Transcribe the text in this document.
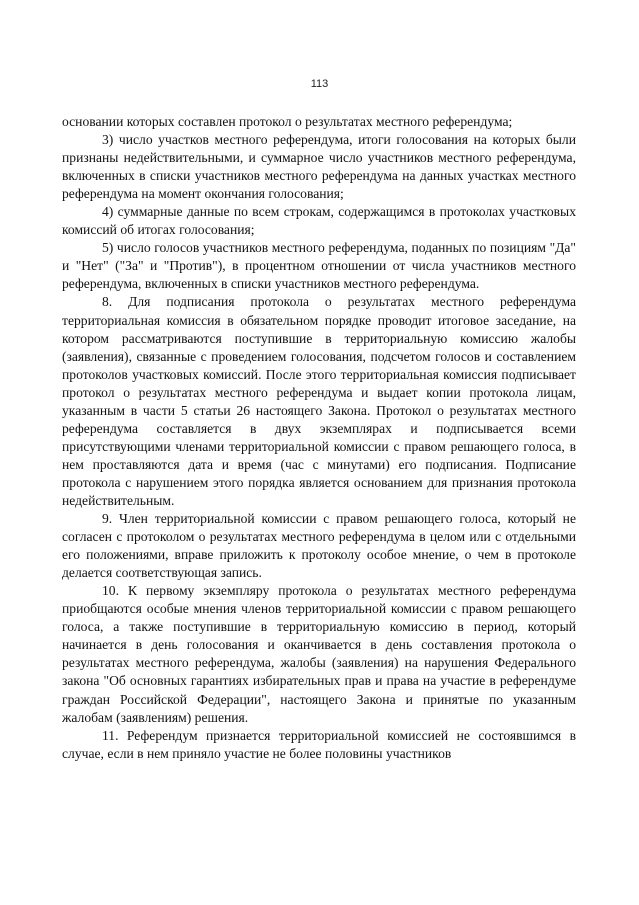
113

основании которых составлен протокол о результатах местного референдума;

3) число участков местного референдума, итоги голосования на которых были признаны недействительными, и суммарное число участников местного референдума, включенных в списки участников местного референдума на данных участках местного референдума на момент окончания голосования;

4) суммарные данные по всем строкам, содержащимся в протоколах участковых комиссий об итогах голосования;

5) число голосов участников местного референдума, поданных по позициям "Да" и "Нет" ("За" и "Против"), в процентном отношении от числа участников местного референдума, включенных в списки участников местного референдума.

8. Для подписания протокола о результатах местного референдума территориальная комиссия в обязательном порядке проводит итоговое заседание, на котором рассматриваются поступившие в территориальную комиссию жалобы (заявления), связанные с проведением голосования, подсчетом голосов и составлением протоколов участковых комиссий. После этого территориальная комиссия подписывает протокол о результатах местного референдума и выдает копии протокола лицам, указанным в части 5 статьи 26 настоящего Закона. Протокол о результатах местного референдума составляется в двух экземплярах и подписывается всеми присутствующими членами территориальной комиссии с правом решающего голоса, в нем проставляются дата и время (час с минутами) его подписания. Подписание протокола с нарушением этого порядка является основанием для признания протокола недействительным.

9. Член территориальной комиссии с правом решающего голоса, который не согласен с протоколом о результатах местного референдума в целом или с отдельными его положениями, вправе приложить к протоколу особое мнение, о чем в протоколе делается соответствующая запись.

10. К первому экземпляру протокола о результатах местного референдума приобщаются особые мнения членов территориальной комиссии с правом решающего голоса, а также поступившие в территориальную комиссию в период, который начинается в день голосования и оканчивается в день составления протокола о результатах местного референдума, жалобы (заявления) на нарушения Федерального закона "Об основных гарантиях избирательных прав и права на участие в референдуме граждан Российской Федерации", настоящего Закона и принятые по указанным жалобам (заявлениям) решения.

11. Референдум признается территориальной комиссией не состоявшимся в случае, если в нем приняло участие не более половины участников
